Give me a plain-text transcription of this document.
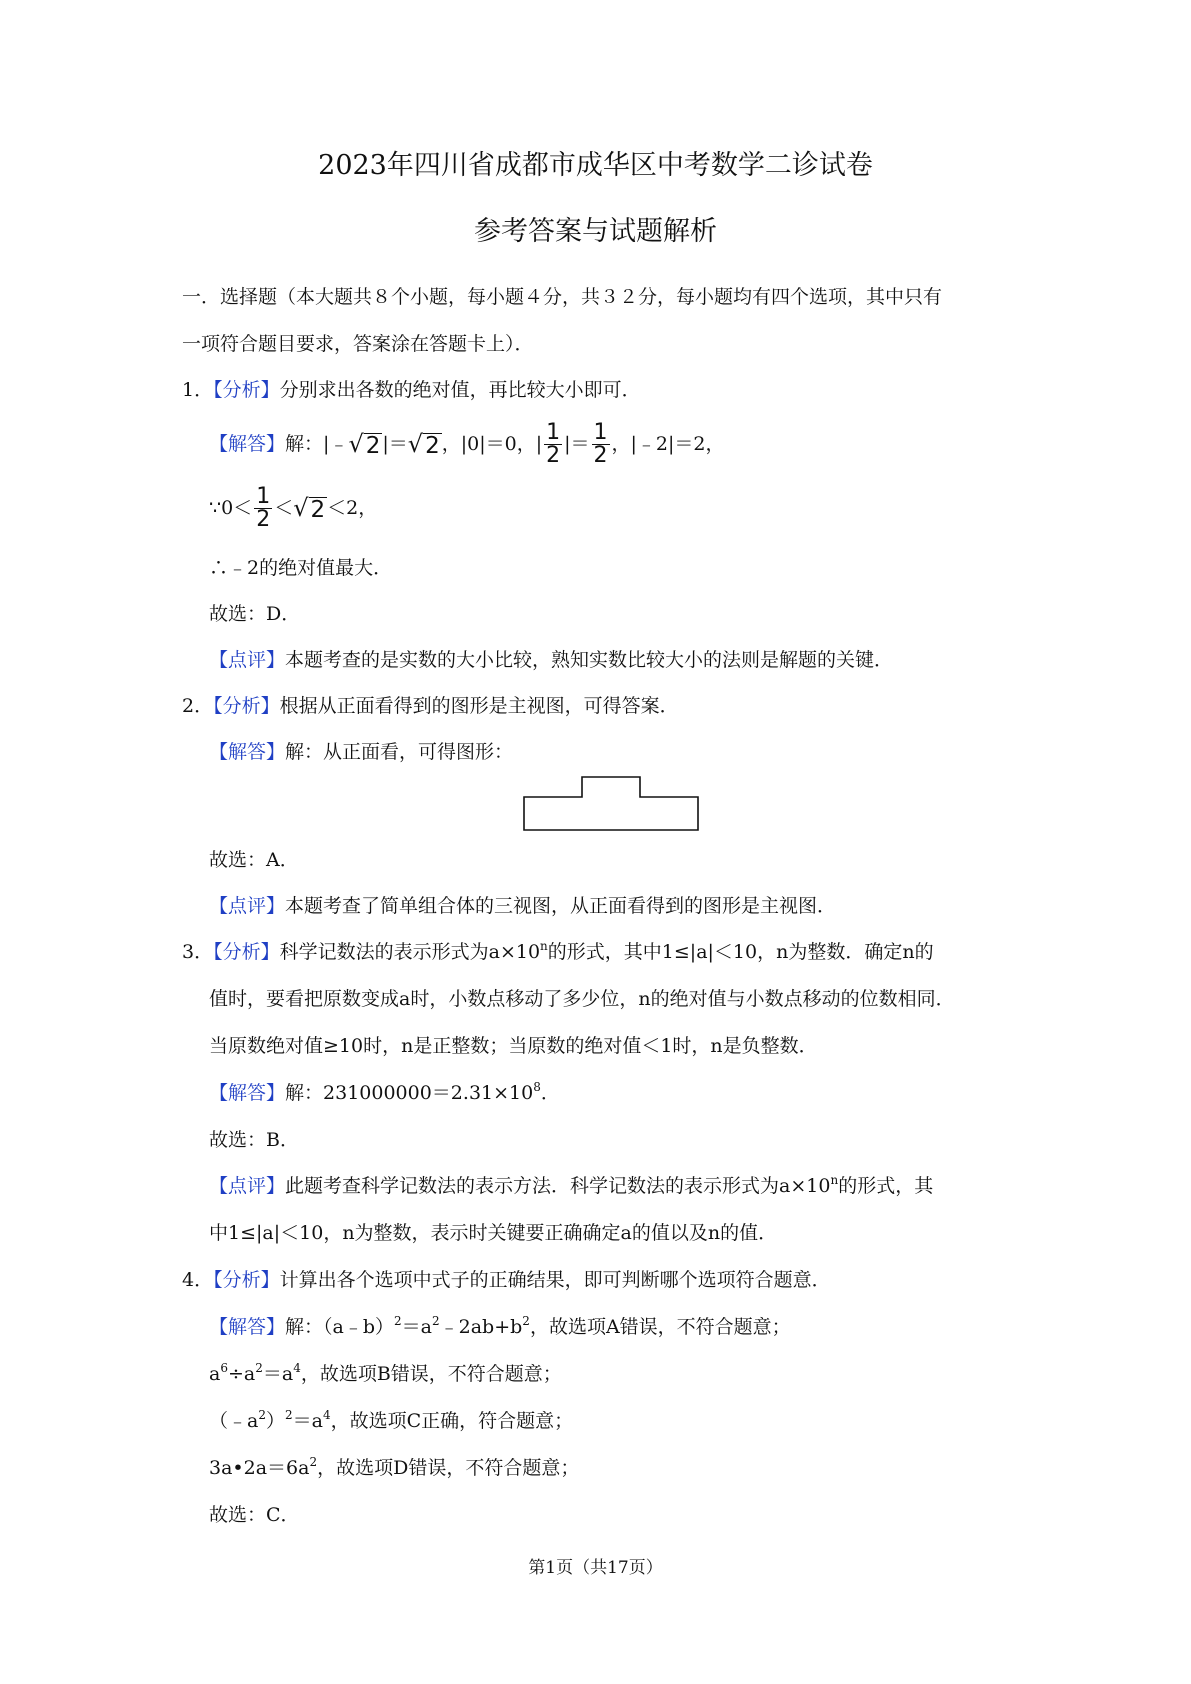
2023年四川省成都市成华区中考数学二诊试卷
参考答案与试题解析
一．选择题（本大题共８个小题，每小题４分，共３２分，每小题均有四个选项，其中只有
一项符合题目要求，答案涂在答题卡上）．
1．【分析】分别求出各数的绝对值，再比较大小即可．
【解答】 解： |﹣ √ 2 |＝ √ 2 ，|0|＝0，| $\frac{1}{2}$ |＝ $\frac{1}{2}$ ，|﹣2|＝2，
∵0＜ $\frac{1}{2}$ ＜ √ 2 ＜2，
∴﹣2的绝对值最大．
故选：D．
【点评】本题考查的是实数的大小比较，熟知实数比较大小的法则是解题的关键．
2．【分析】根据从正面看得到的图形是主视图，可得答案．
【解答】解：从正面看，可得图形：
故选：A．
【点评】本题考查了简单组合体的三视图，从正面看得到的图形是主视图．
3．【分析】科学记数法的表示形式为$a\times 10^n$的形式，其中1≤|a|＜10，n为整数．确定n的
值时，要看把原数变成a时，小数点移动了多少位，n的绝对值与小数点移动的位数相同．
当原数绝对值≥10时，n是正整数；当原数的绝对值＜1时，n是负整数．
【解答】解：$231000000=2.31\times 10^8$．
故选：B．
【点评】此题考查科学记数法的表示方法．科学记数法的表示形式为$a\times 10^n$的形式，其
中1≤|a|＜10，n为整数，表示时关键要正确确定a的值以及n的值．
4．【分析】计算出各个选项中式子的正确结果，即可判断哪个选项符合题意．
【解答】解：$(a﹣b)^2=a^2﹣2ab+b^2$，故选项A错误，不符合题意；
$a^6\div a^2=a^4$，故选项B错误，不符合题意；
$(﹣a^2)^2=a^4$，故选项C正确，符合题意；
$3a•2a=6a^2$，故选项D错误，不符合题意；
故选：C．
第1页（共17页）
